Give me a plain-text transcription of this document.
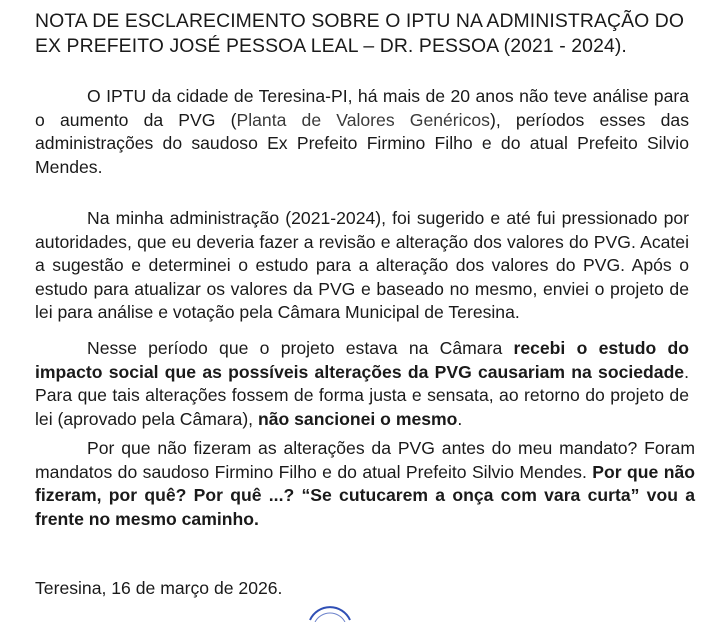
NOTA DE ESCLARECIMENTO SOBRE O IPTU NA ADMINISTRAÇÃO DO EX PREFEITO JOSÉ PESSOA LEAL – DR. PESSOA (2021 - 2024).

O IPTU da cidade de Teresina-PI, há mais de 20 anos não teve análise para o aumento da PVG (Planta de Valores Genéricos), períodos esses das administrações do saudoso Ex Prefeito Firmino Filho e do atual Prefeito Silvio Mendes.

Na minha administração (2021-2024), foi sugerido e até fui pressionado por autoridades, que eu deveria fazer a revisão e alteração dos valores do PVG. Acatei a sugestão e determinei o estudo para a alteração dos valores do PVG. Após o estudo para atualizar os valores da PVG e baseado no mesmo, enviei o projeto de lei para análise e votação pela Câmara Municipal de Teresina.

Nesse período que o projeto estava na Câmara recebi o estudo do impacto social que as possíveis alterações da PVG causariam na sociedade. Para que tais alterações fossem de forma justa e sensata, ao retorno do projeto de lei (aprovado pela Câmara), não sancionei o mesmo.

Por que não fizeram as alterações da PVG antes do meu mandato? Foram mandatos do saudoso Firmino Filho e do atual Prefeito Silvio Mendes. Por que não fizeram, por quê? Por quê ...? “Se cutucarem a onça com vara curta” vou a frente no mesmo caminho.

Teresina, 16 de março de 2026.
